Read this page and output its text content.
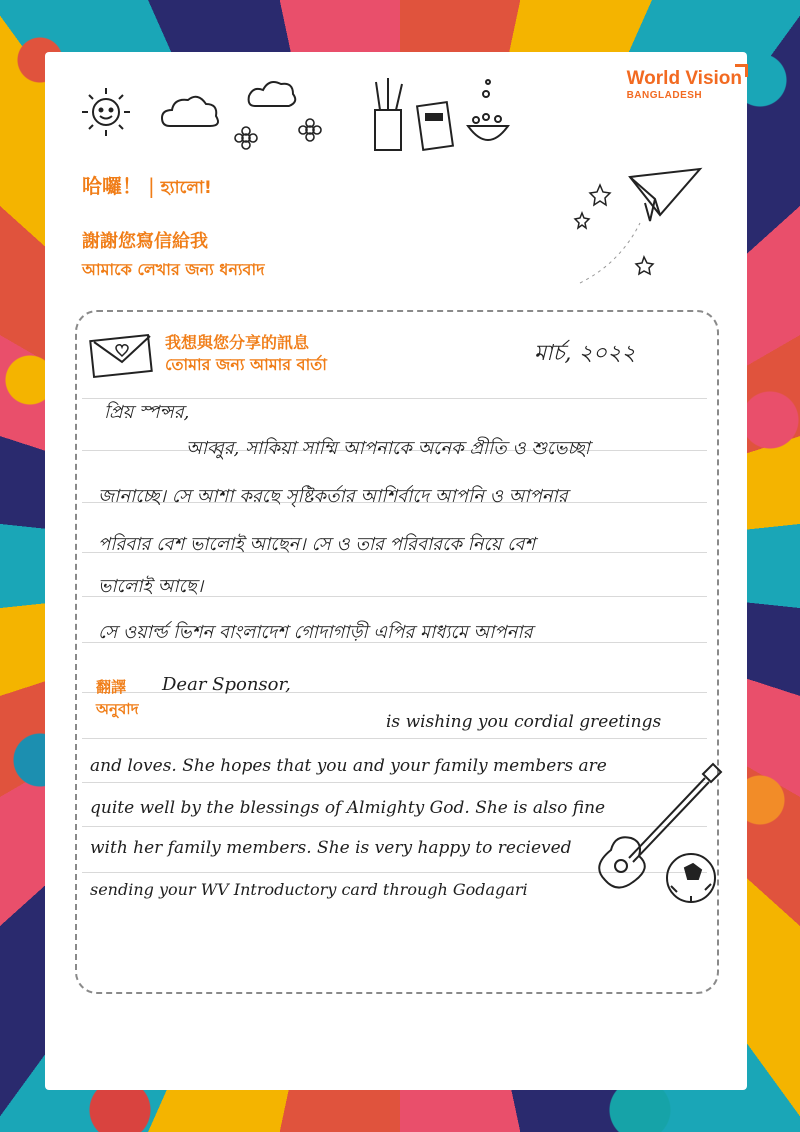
World Vision
BANGLADESH
哈囉！ | হ্যালো!
謝謝您寫信給我
আমাকে লেখার জন্য ধন্যবাদ
我想與您分享的訊息
তোমার জন্য আমার বার্তা	মার্চ, ২০২২
প্রিয় স্পন্সর,
আব্বুর, সাকিয়া সাম্মি আপনাকে অনেক প্রীতি ও শুভেচ্ছা
জানাচ্ছে। সে আশা করছে সৃষ্টিকর্তার আশির্বাদে আপনি ও আপনার
পরিবার বেশ ভালোই আছেন। সে ও তার পরিবারকে নিয়ে বেশ
ভালোই আছে।
সে ওয়ার্ল্ড ভিশন বাংলাদেশ গোদাগাড়ী এপির মাধ্যমে আপনার
翻譯
অনুবাদ
Dear Sponsor,
is wishing you cordial greetings
and loves. She hopes that you and your family members are
quite well by the blessings of Almighty God. She is also fine
with her family members. She is very happy to recieved
sending your WV Introductory card through Godagari
